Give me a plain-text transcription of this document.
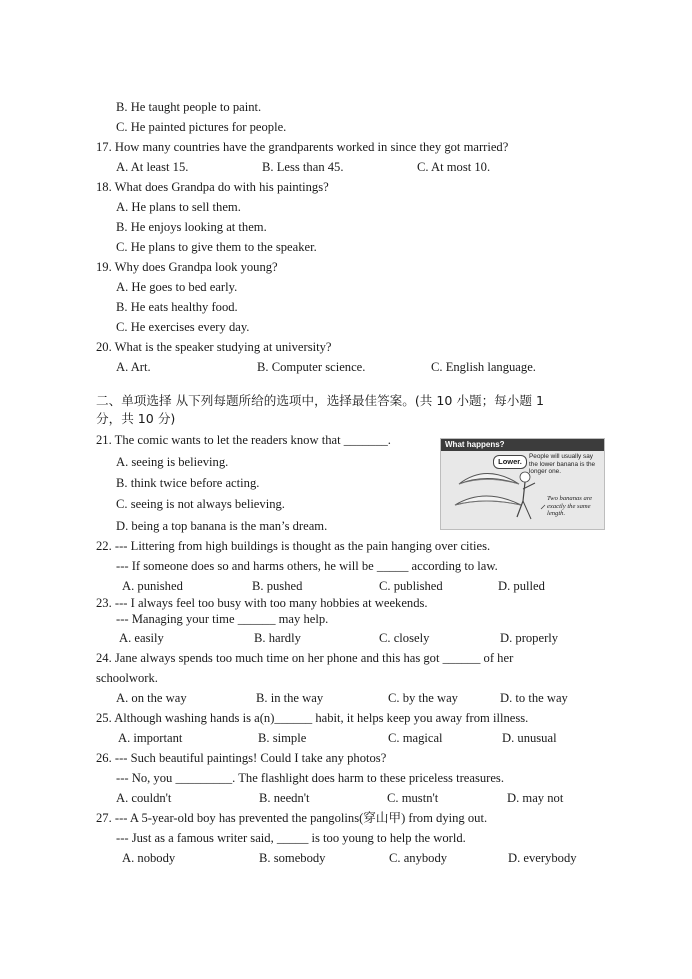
B. He taught people to paint.
C. He painted pictures for people.
17. How many countries have the grandparents worked in since they got married?
A. At least 15.	B. Less than 45.	C. At most 10.
18. What does Grandpa do with his paintings?
A. He plans to sell them.
B. He enjoys looking at them.
C. He plans to give them to the speaker.
19. Why does Grandpa look young?
A. He goes to bed early.
B. He eats healthy food.
C. He exercises every day.
20. What is the speaker studying at university?
A. Art.	B. Computer science.	C. English language.
二、单项选择 从下列每题所给的选项中，选择最佳答案。(共 10 小题；每小题 1
分，共 10 分)
21. The comic wants to let the readers know that _______.
A. seeing is believing.
B. think twice before acting.
C. seeing is not always believing.
D. being a top banana is the man’s dream.
What happens?
Lower.
People will usually say the lower banana is the longer one.
Two bananas are exactly the same length.
22. --- Littering from high buildings is thought as the pain hanging over cities.
--- If someone does so and harms others, he will be _____ according to law.
A. punished	B. pushed	C. published	D. pulled
23. --- I always feel too busy with too many hobbies at weekends.
--- Managing your time ______ may help.
A. easily	B. hardly	C. closely	D. properly
24. Jane always spends too much time on her phone and this has got ______ of her
schoolwork.
A. on the way	B. in the way	C. by the way	D. to the way
25. Although washing hands is a(n)______ habit, it helps keep you away from illness.
A. important	B. simple	C. magical	D. unusual
26. --- Such beautiful paintings! Could I take any photos?
--- No, you _________. The flashlight does harm to these priceless treasures.
A. couldn't	B. needn't	C. mustn't	D. may not
27. --- A 5-year-old boy has prevented the pangolins(穿山甲) from dying out.
--- Just as a famous writer said, _____ is too young to help the world.
A. nobody	B. somebody	C. anybody	D. everybody
